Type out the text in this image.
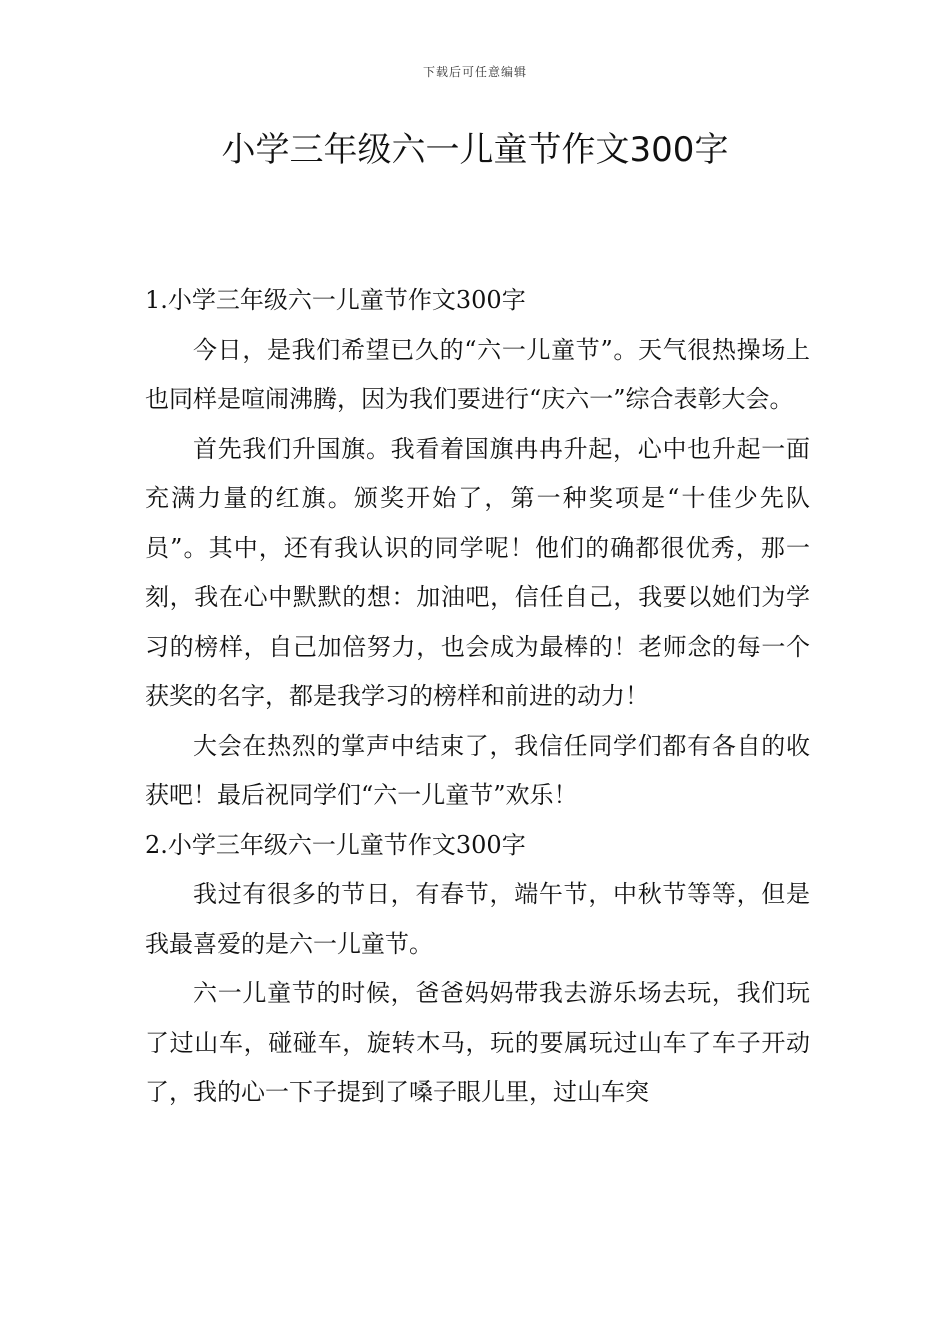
下载后可任意编辑
小学三年级六一儿童节作文300字
1.小学三年级六一儿童节作文300字

今日，是我们希望已久的“六一儿童节”。天气很热操场上也同样是喧闹沸腾，因为我们要进行“庆六一”综合表彰大会。

首先我们升国旗。我看着国旗冉冉升起，心中也升起一面充满力量的红旗。颁奖开始了，第一种奖项是“十佳少先队员”。其中，还有我认识的同学呢！他们的确都很优秀，那一刻，我在心中默默的想：加油吧，信任自己，我要以她们为学习的榜样，自己加倍努力，也会成为最棒的！老师念的每一个获奖的名字，都是我学习的榜样和前进的动力！

大会在热烈的掌声中结束了，我信任同学们都有各自的收获吧！最后祝同学们“六一儿童节”欢乐！

2.小学三年级六一儿童节作文300字

我过有很多的节日，有春节，端午节，中秋节等等，但是我最喜爱的是六一儿童节。

六一儿童节的时候，爸爸妈妈带我去游乐场去玩，我们玩了过山车，碰碰车，旋转木马，玩的要属玩过山车了车子开动了，我的心一下子提到了嗓子眼儿里，过山车突
